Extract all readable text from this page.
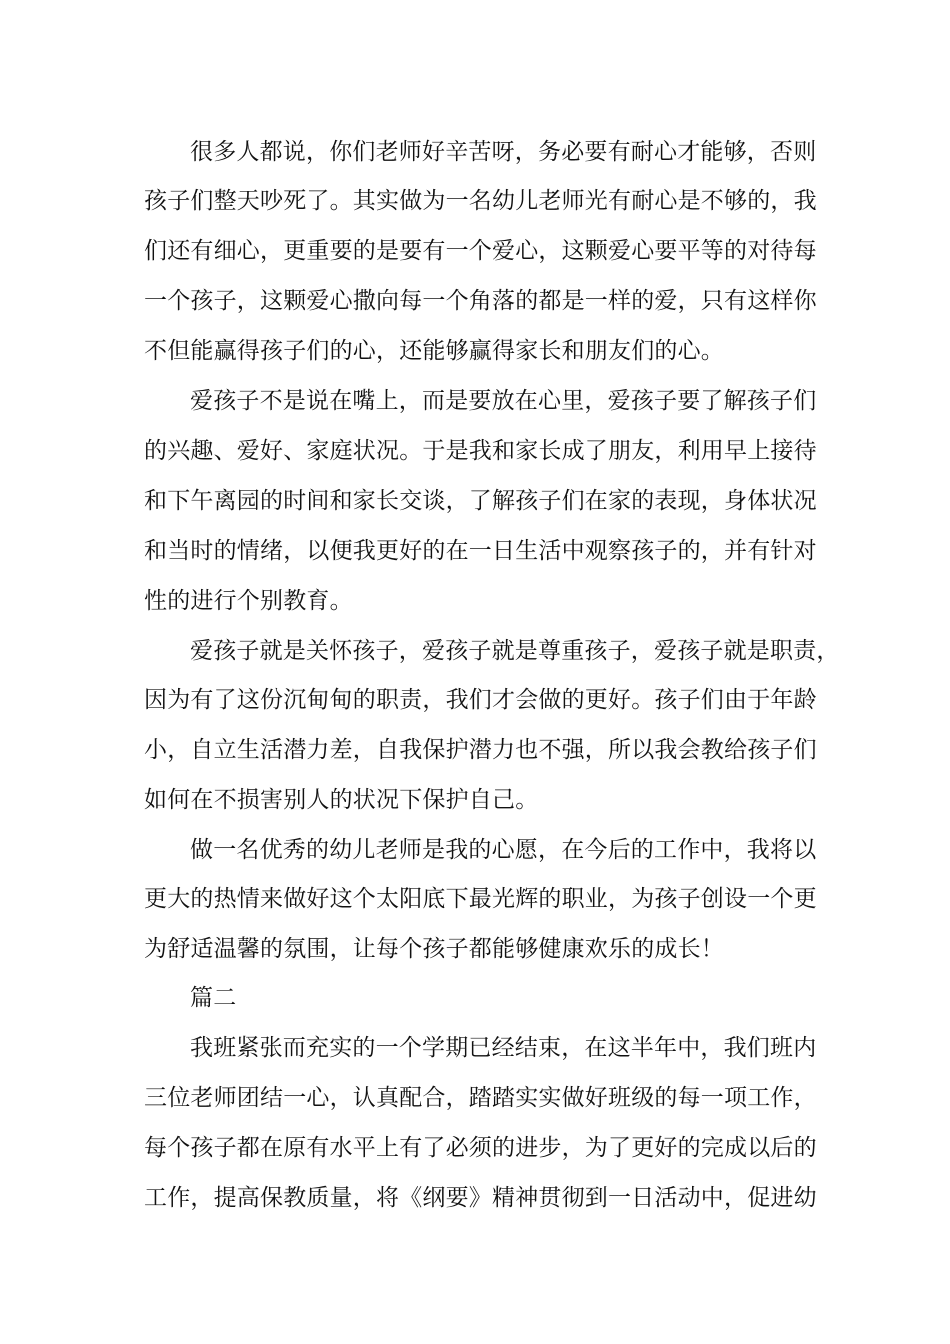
很多人都说，你们老师好辛苦呀，务必要有耐心才能够，否则

孩子们整天吵死了。其实做为一名幼儿老师光有耐心是不够的，我

们还有细心，更重要的是要有一个爱心，这颗爱心要平等的对待每

一个孩子，这颗爱心撒向每一个角落的都是一样的爱，只有这样你

不但能赢得孩子们的心，还能够赢得家长和朋友们的心。

爱孩子不是说在嘴上，而是要放在心里，爱孩子要了解孩子们

的兴趣、爱好、家庭状况。于是我和家长成了朋友，利用早上接待

和下午离园的时间和家长交谈，了解孩子们在家的表现，身体状况

和当时的情绪，以便我更好的在一日生活中观察孩子的，并有针对

性的进行个别教育。

爱孩子就是关怀孩子，爱孩子就是尊重孩子，爱孩子就是职责，

因为有了这份沉甸甸的职责，我们才会做的更好。孩子们由于年龄

小，自立生活潜力差，自我保护潜力也不强，所以我会教给孩子们

如何在不损害别人的状况下保护自己。

做一名优秀的幼儿老师是我的心愿，在今后的工作中，我将以

更大的热情来做好这个太阳底下最光辉的职业，为孩子创设一个更

为舒适温馨的氛围，让每个孩子都能够健康欢乐的成长！

篇二

我班紧张而充实的一个学期已经结束，在这半年中，我们班内

三位老师团结一心，认真配合，踏踏实实做好班级的每一项工作，

每个孩子都在原有水平上有了必须的进步，为了更好的完成以后的

工作，提高保教质量，将《纲要》精神贯彻到一日活动中，促进幼
